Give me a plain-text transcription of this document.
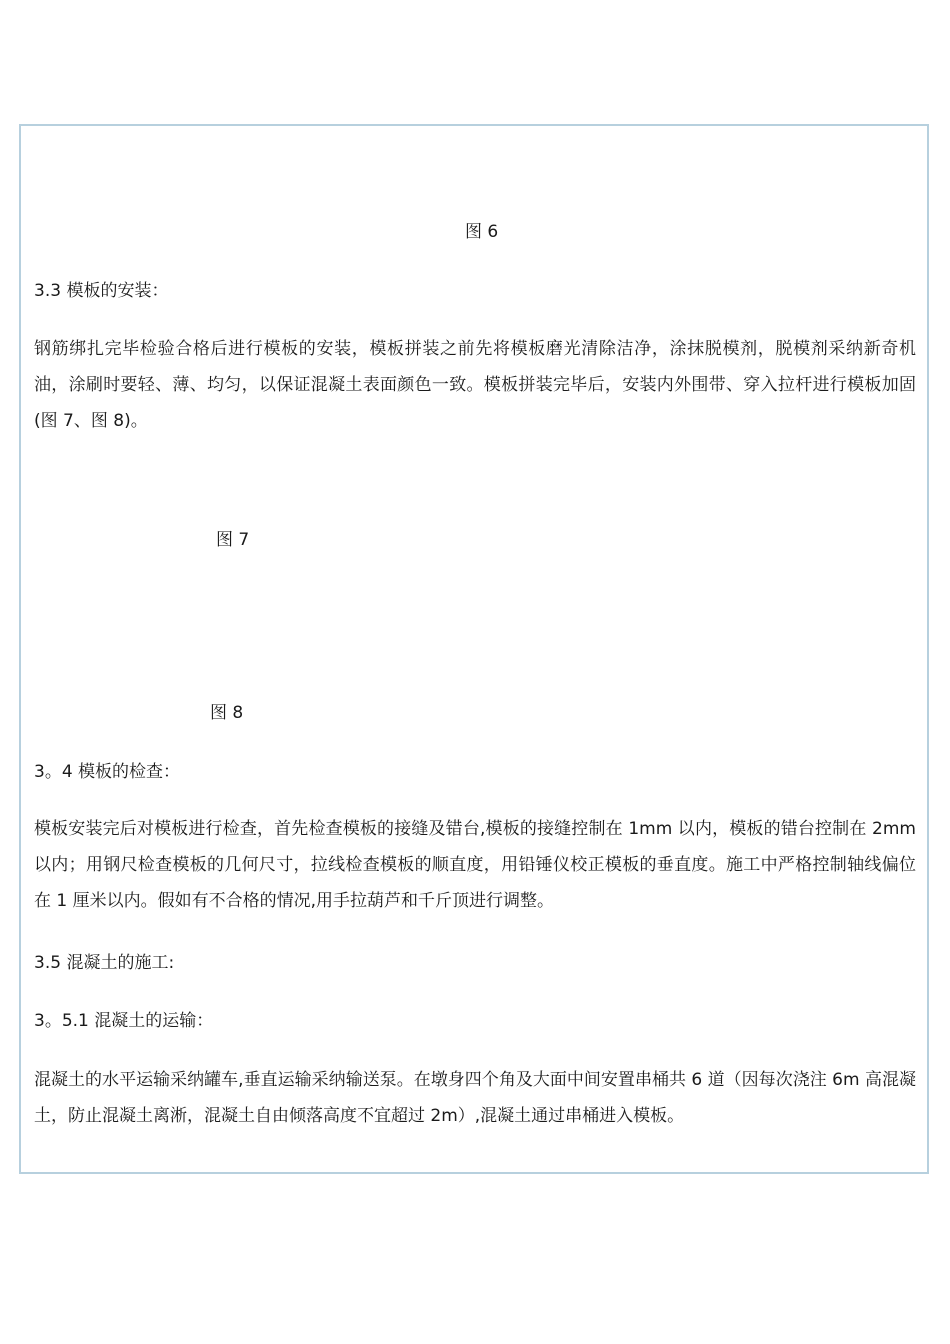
图 6

3.3 模板的安装：

钢筋绑扎完毕检验合格后进行模板的安装，模板拼装之前先将模板磨光清除洁净，涂抹脱模剂，脱模剂采纳新奇机油，涂刷时要轻、薄、均匀，以保证混凝土表面颜色一致。模板拼装完毕后，安装内外围带、穿入拉杆进行模板加固(图 7、图 8)。

图 7

图 8

3。4 模板的检查：

模板安装完后对模板进行检查，首先检查模板的接缝及错台,模板的接缝控制在 1mm 以内，模板的错台控制在 2mm 以内；用钢尺检查模板的几何尺寸，拉线检查模板的顺直度，用铅锤仪校正模板的垂直度。施工中严格控制轴线偏位在 1 厘米以内。假如有不合格的情况,用手拉葫芦和千斤顶进行调整。

3.5 混凝土的施工:

3。5.1 混凝土的运输：

混凝土的水平运输采纳罐车,垂直运输采纳输送泵。在墩身四个角及大面中间安置串桶共 6 道（因每次浇注 6m 高混凝土，防止混凝土离淅，混凝土自由倾落高度不宜超过 2m）,混凝土通过串桶进入模板。
